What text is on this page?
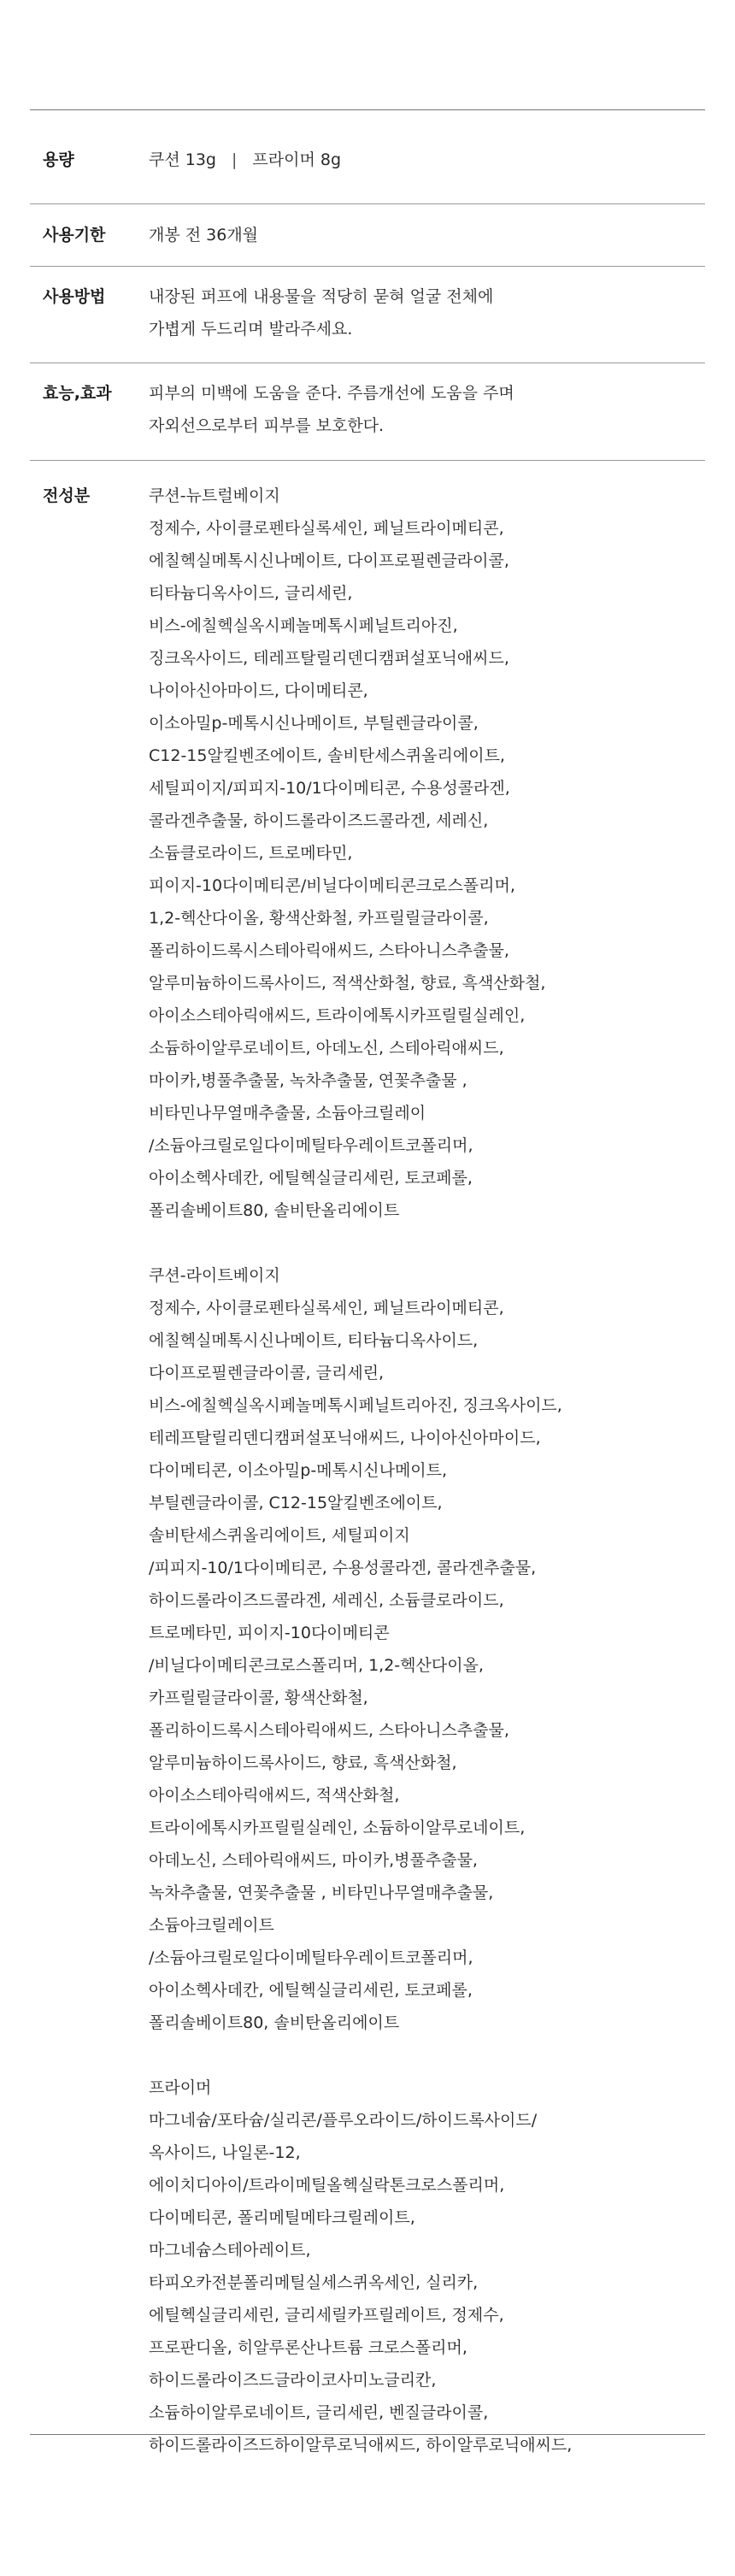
용량	쿠션 13g | 프라이머 8g
사용기한	개봉 전 36개월
사용방법	내장된 퍼프에 내용물을 적당히 묻혀 얼굴 전체에
가볍게 두드리며 발라주세요.
효능,효과	피부의 미백에 도움을 준다. 주름개선에 도움을 주며
자외선으로부터 피부를 보호한다.
전성분	쿠션-뉴트럴베이지
정제수, 사이클로펜타실록세인, 페닐트라이메티콘,
에칠헥실메톡시신나메이트, 다이프로필렌글라이콜,
티타늄디옥사이드, 글리세린,
비스-에칠헥실옥시페놀메톡시페닐트리아진,
징크옥사이드, 테레프탈릴리덴디캠퍼설포닉애씨드,
나이아신아마이드, 다이메티콘,
이소아밀p-메톡시신나메이트, 부틸렌글라이콜,
C12-15알킬벤조에이트, 솔비탄세스퀴올리에이트,
세틸피이지/피피지-10/1다이메티콘, 수용성콜라겐,
콜라겐추출물, 하이드롤라이즈드콜라겐, 세레신,
소듐클로라이드, 트로메타민,
피이지-10다이메티콘/비닐다이메티콘크로스폴리머,
1,2-헥산다이올, 황색산화철, 카프릴릴글라이콜,
폴리하이드록시스테아릭애씨드, 스타아니스추출물,
알루미늄하이드록사이드, 적색산화철, 향료, 흑색산화철,
아이소스테아릭애씨드, 트라이에톡시카프릴릴실레인,
소듐하이알루로네이트, 아데노신, 스테아릭애씨드,
마이카,병풀추출물, 녹차추출물, 연꽃추출물 ,
비타민나무열매추출물, 소듐아크릴레이
/소듐아크릴로일다이메틸타우레이트코폴리머,
아이소헥사데칸, 에틸헥실글리세린, 토코페롤,
폴리솔베이트80, 솔비탄올리에이트
쿠션-라이트베이지
정제수, 사이클로펜타실록세인, 페닐트라이메티콘,
에칠헥실메톡시신나메이트, 티타늄디옥사이드,
다이프로필렌글라이콜, 글리세린,
비스-에칠헥실옥시페놀메톡시페닐트리아진, 징크옥사이드,
테레프탈릴리덴디캠퍼설포닉애씨드, 나이아신아마이드,
다이메티콘, 이소아밀p-메톡시신나메이트,
부틸렌글라이콜, C12-15알킬벤조에이트,
솔비탄세스퀴올리에이트, 세틸피이지
/피피지-10/1다이메티콘, 수용성콜라겐, 콜라겐추출물,
하이드롤라이즈드콜라겐, 세레신, 소듐클로라이드,
트로메타민, 피이지-10다이메티콘
/비닐다이메티콘크로스폴리머, 1,2-헥산다이올,
카프릴릴글라이콜, 황색산화철,
폴리하이드록시스테아릭애씨드, 스타아니스추출물,
알루미늄하이드록사이드, 향료, 흑색산화철,
아이소스테아릭애씨드, 적색산화철,
트라이에톡시카프릴릴실레인, 소듐하이알루로네이트,
아데노신, 스테아릭애씨드, 마이카,병풀추출물,
녹차추출물, 연꽃추출물 , 비타민나무열매추출물,
소듐아크릴레이트
/소듐아크릴로일다이메틸타우레이트코폴리머,
아이소헥사데칸, 에틸헥실글리세린, 토코페롤,
폴리솔베이트80, 솔비탄올리에이트
프라이머
마그네슘/포타슘/실리콘/플루오라이드/하이드록사이드/
옥사이드, 나일론-12,
에이치디아이/트라이메틸올헥실락톤크로스폴리머,
다이메티콘, 폴리메틸메타크릴레이트,
마그네슘스테아레이트,
타피오카전분폴리메틸실세스퀴옥세인, 실리카,
에틸헥실글리세린, 글리세릴카프릴레이트, 정제수,
프로판디올, 히알루론산나트륨 크로스폴리머,
하이드롤라이즈드글라이코사미노글리칸,
소듐하이알루로네이트, 글리세린, 벤질글라이콜,
하이드롤라이즈드하이알루로닉애씨드, 하이알루로닉애씨드,
